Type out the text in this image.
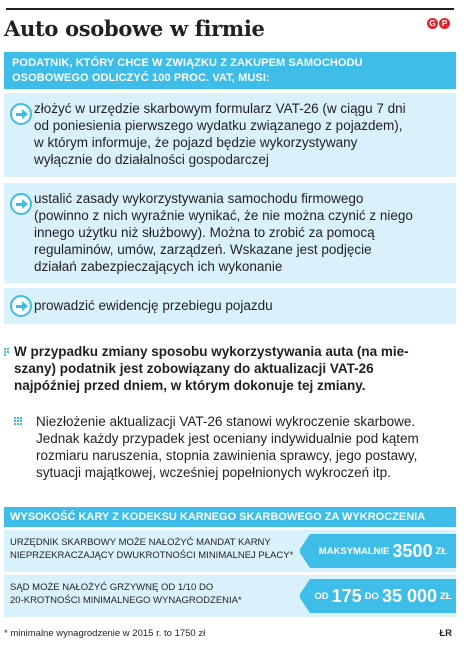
Auto osobowe w firmie	G P
PODATNIK, KTÓRY CHCE W ZWIĄZKU Z ZAKUPEM SAMOCHODU
OSOBOWEGO ODLICZYĆ 100 PROC. VAT, MUSI:
złożyć w urzędzie skarbowym formularz VAT-26 (w ciągu 7 dni
od poniesienia pierwszego wydatku związanego z pojazdem),
w którym informuje, że pojazd będzie wykorzystywany
wyłącznie do działalności gospodarczej
ustalić zasady wykorzystywania samochodu firmowego
(powinno z nich wyraźnie wynikać, że nie można czynić z niego
innego użytku niż służbowy). Można to zrobić za pomocą
regulaminów, umów, zarządzeń. Wskazane jest podjęcie
działań zabezpieczających ich wykonanie
prowadzić ewidencję przebiegu pojazdu
W przypadku zmiany sposobu wykorzystywania auta (na mie-
szany) podatnik jest zobowiązany do aktualizacji VAT-26
najpóźniej przed dniem, w którym dokonuje tej zmiany.
Niezłożenie aktualizacji VAT-26 stanowi wykroczenie skarbowe.
Jednak każdy przypadek jest oceniany indywidualnie pod kątem
rozmiaru naruszenia, stopnia zawinienia sprawcy, jego postawy,
sytuacji majątkowej, wcześniej popełnionych wykroczeń itp.
WYSOKOŚĆ KARY Z KODEKSU KARNEGO SKARBOWEGO ZA WYKROCZENIA
URZĘDNIK SKARBOWY MOŻE NAŁOŻYĆ MANDAT KARNY
NIEPRZEKRACZAJĄCY DWUKROTNOŚCI MINIMALNEJ PŁACY*	MAKSYMALNIE 3500 ZŁ
SĄD MOŻE NAŁOŻYĆ GRZYWNĘ OD 1/10 DO
20-KROTNOŚCI MINIMALNEGO WYNAGRODZENIA*	OD 175 DO 35 000 ZŁ
* minimalne wynagrodzenie w 2015 r. to 1750 zł	ŁR
